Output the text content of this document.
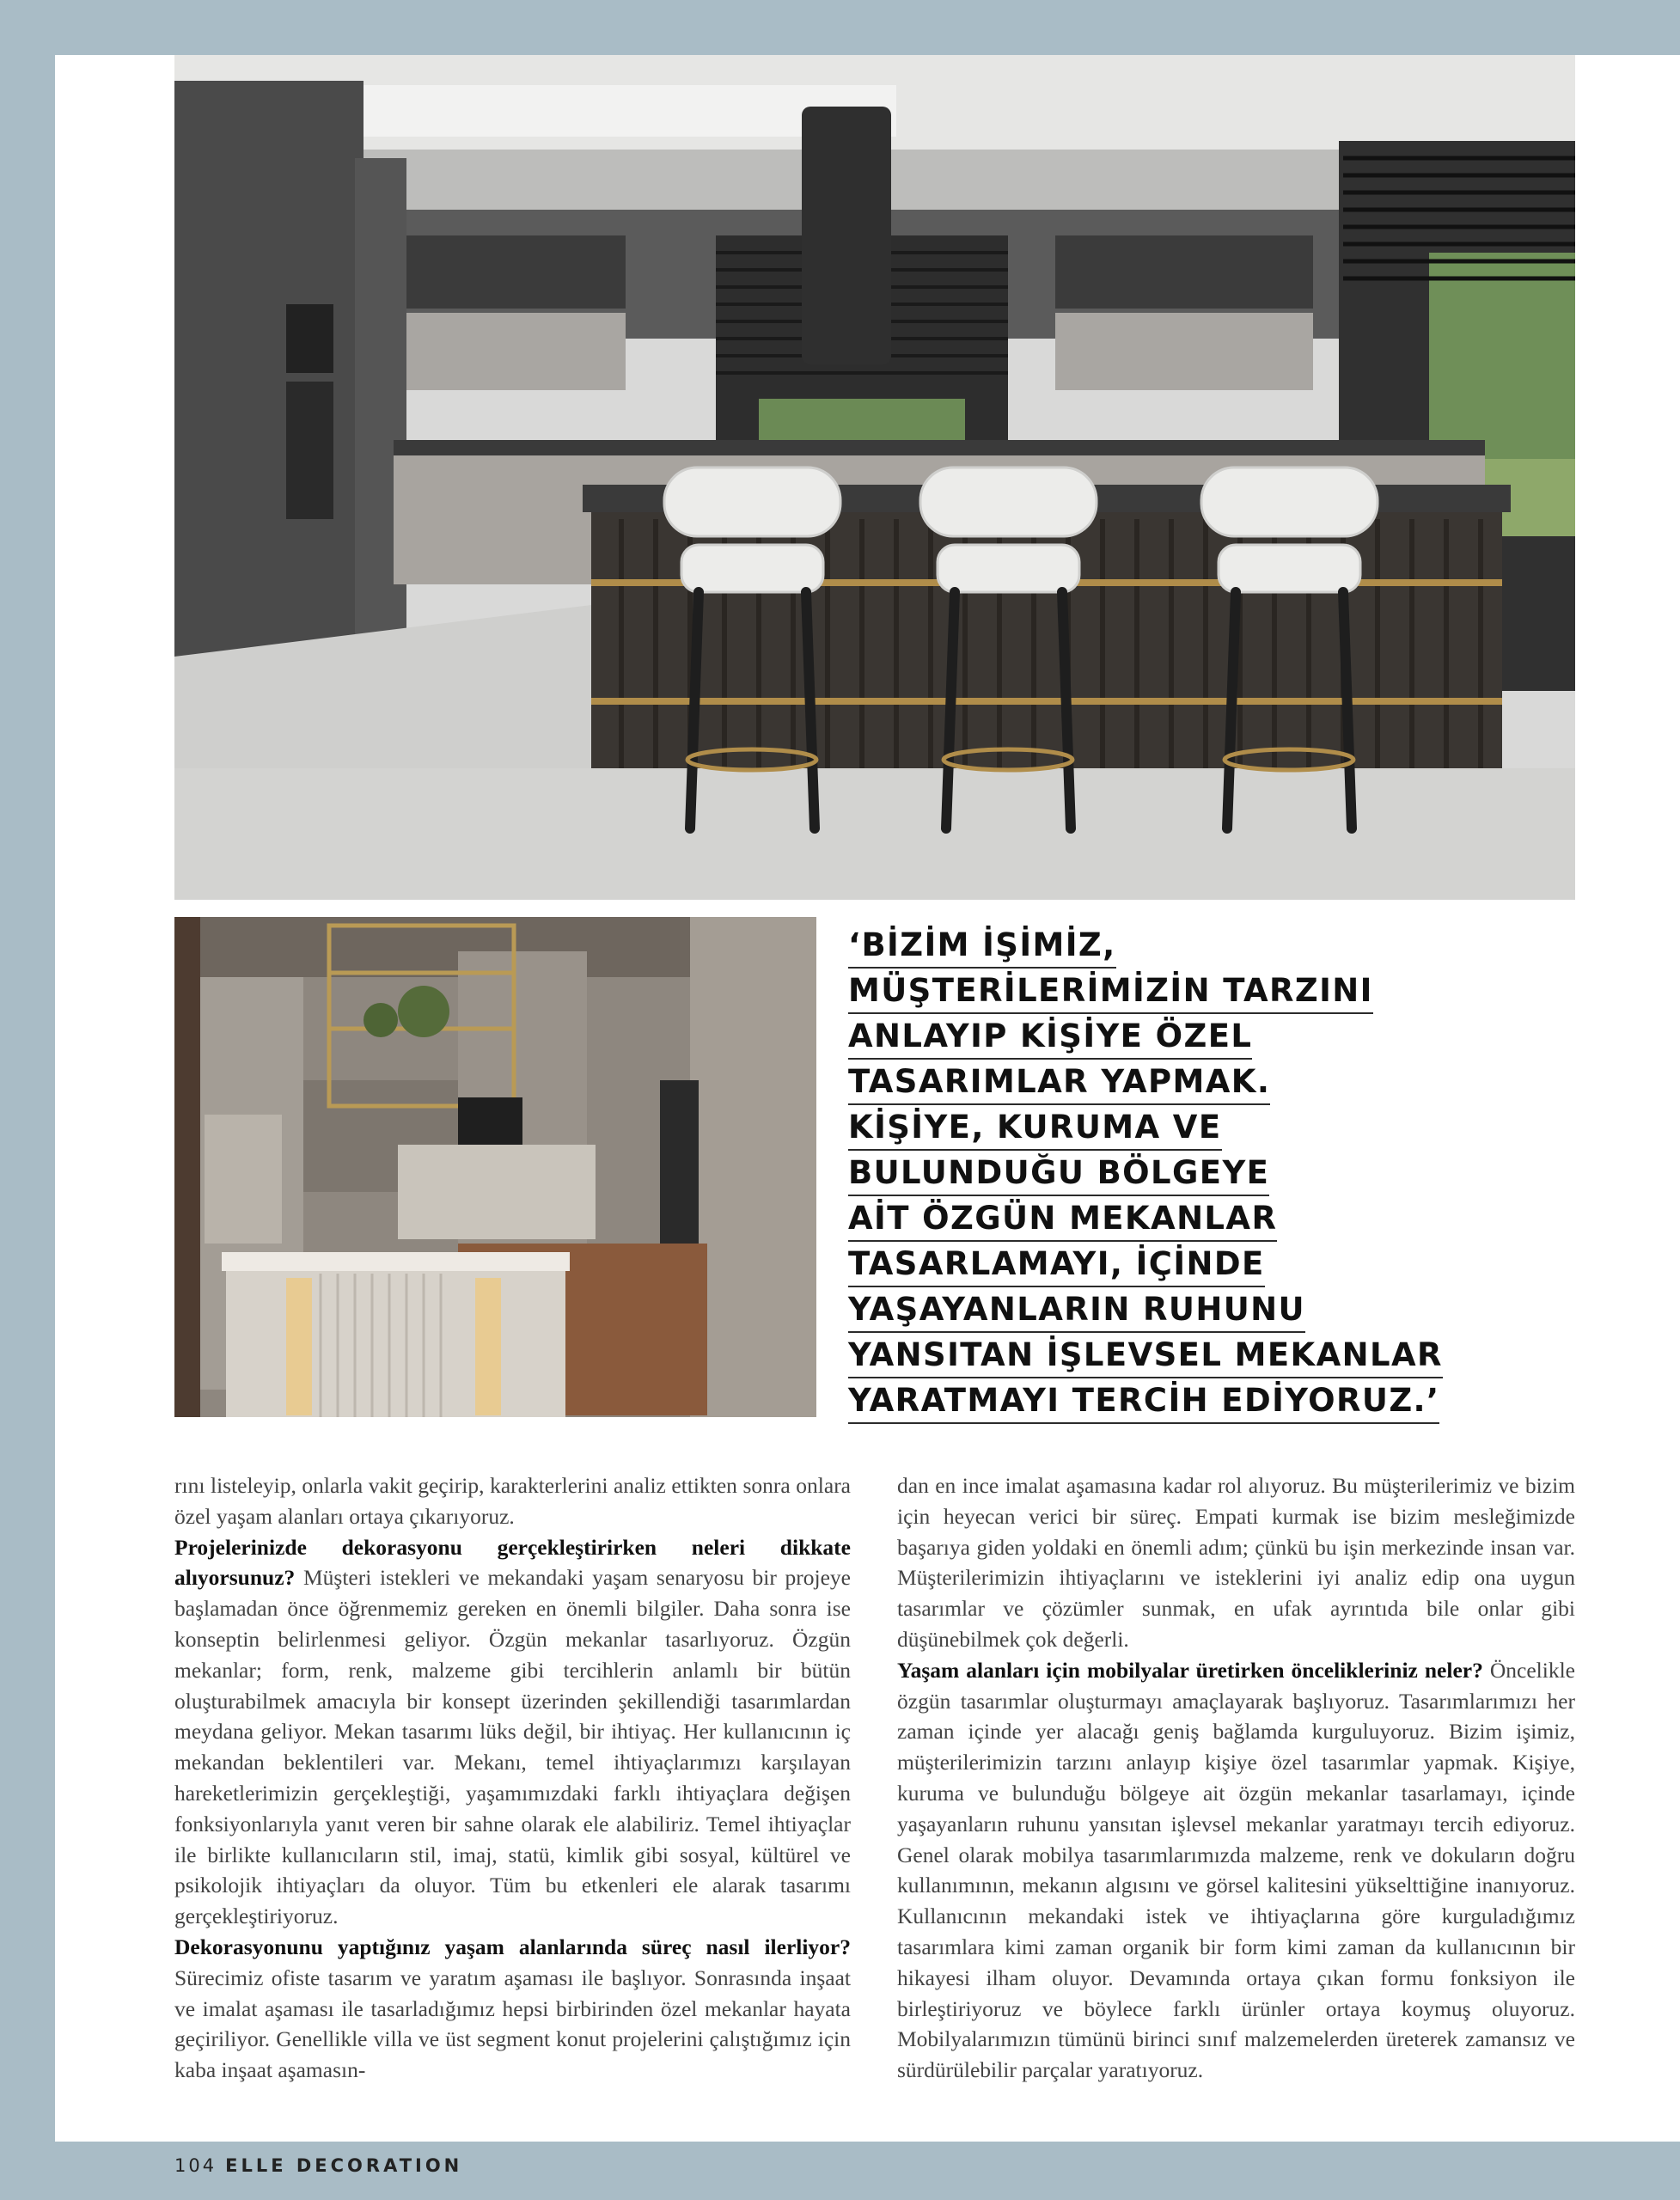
‘BİZİM İŞİMİZ,
MÜŞTERİLERİMİZİN TARZINI
ANLAYIP KİŞİYE ÖZEL
TASARIMLAR YAPMAK.
KİŞİYE, KURUMA VE
BULUNDUĞU BÖLGEYE
AİT ÖZGÜN MEKANLAR
TASARLAMAYI, İÇİNDE
YAŞAYANLARIN RUHUNU
YANSITAN İŞLEVSEL MEKANLAR
YARATMAYI TERCİH EDİYORUZ.’

rını listeleyip, onlarla vakit geçirip, karakterlerini analiz ettikten sonra onlara özel yaşam alanları ortaya çıkarıyoruz.

Projelerinizde dekorasyonu gerçekleştirirken neleri dikkate alıyorsunuz? Müşteri istekleri ve mekandaki yaşam senaryosu bir projeye başlamadan önce öğrenmemiz gereken en önemli bilgiler. Daha sonra ise konseptin belirlenmesi geliyor. Özgün mekanlar tasarlıyoruz. Özgün mekanlar; form, renk, malzeme gibi tercihlerin anlamlı bir bütün oluşturabilmek amacıyla bir konsept üzerinden şekillendiği tasarımlardan meydana geliyor. Mekan tasarımı lüks değil, bir ihtiyaç. Her kullanıcının iç mekandan beklentileri var. Mekanı, temel ihtiyaçlarımızı karşılayan hareketlerimizin gerçekleştiği, yaşamımızdaki farklı ihtiyaçlara değişen fonksiyonlarıyla yanıt veren bir sahne olarak ele alabiliriz. Temel ihtiyaçlar ile birlikte kullanıcıların stil, imaj, statü, kimlik gibi sosyal, kültürel ve psikolojik ihtiyaçları da oluyor. Tüm bu etkenleri ele alarak tasarımı gerçekleştiriyoruz.

Dekorasyonunu yaptığınız yaşam alanlarında süreç nasıl ilerliyor? Sürecimiz ofiste tasarım ve yaratım aşaması ile başlıyor. Sonrasında inşaat ve imalat aşaması ile tasarladığımız hepsi birbirinden özel mekanlar hayata geçiriliyor. Genellikle villa ve üst segment konut projelerini çalıştığımız için kaba inşaat aşamasın-

dan en ince imalat aşamasına kadar rol alıyoruz. Bu müşterilerimiz ve bizim için heyecan verici bir süreç. Empati kurmak ise bizim mesleğimizde başarıya giden yoldaki en önemli adım; çünkü bu işin merkezinde insan var. Müşterilerimizin ihtiyaçlarını ve isteklerini iyi analiz edip ona uygun tasarımlar ve çözümler sunmak, en ufak ayrıntıda bile onlar gibi düşünebilmek çok değerli.

Yaşam alanları için mobilyalar üretirken öncelikleriniz neler? Öncelikle özgün tasarımlar oluşturmayı amaçlayarak başlıyoruz. Tasarımlarımızı her zaman içinde yer alacağı geniş bağlamda kurguluyoruz. Bizim işimiz, müşterilerimizin tarzını anlayıp kişiye özel tasarımlar yapmak. Kişiye, kuruma ve bulunduğu bölgeye ait özgün mekanlar tasarlamayı, içinde yaşayanların ruhunu yansıtan işlevsel mekanlar yaratmayı tercih ediyoruz. Genel olarak mobilya tasarımlarımızda malzeme, renk ve dokuların doğru kullanımının, mekanın algısını ve görsel kalitesini yükselttiğine inanıyoruz. Kullanıcının mekandaki istek ve ihtiyaçlarına göre kurguladığımız tasarımlara kimi zaman organik bir form kimi zaman da kullanıcının bir hikayesi ilham oluyor. Devamında ortaya çıkan formu fonksiyon ile birleştiriyoruz ve böylece farklı ürünler ortaya koymuş oluyoruz. Mobilyalarımızın tümünü birinci sınıf malzemelerden üreterek zamansız ve sürdürülebilir parçalar yaratıyoruz.

104 ELLE DECORATION
